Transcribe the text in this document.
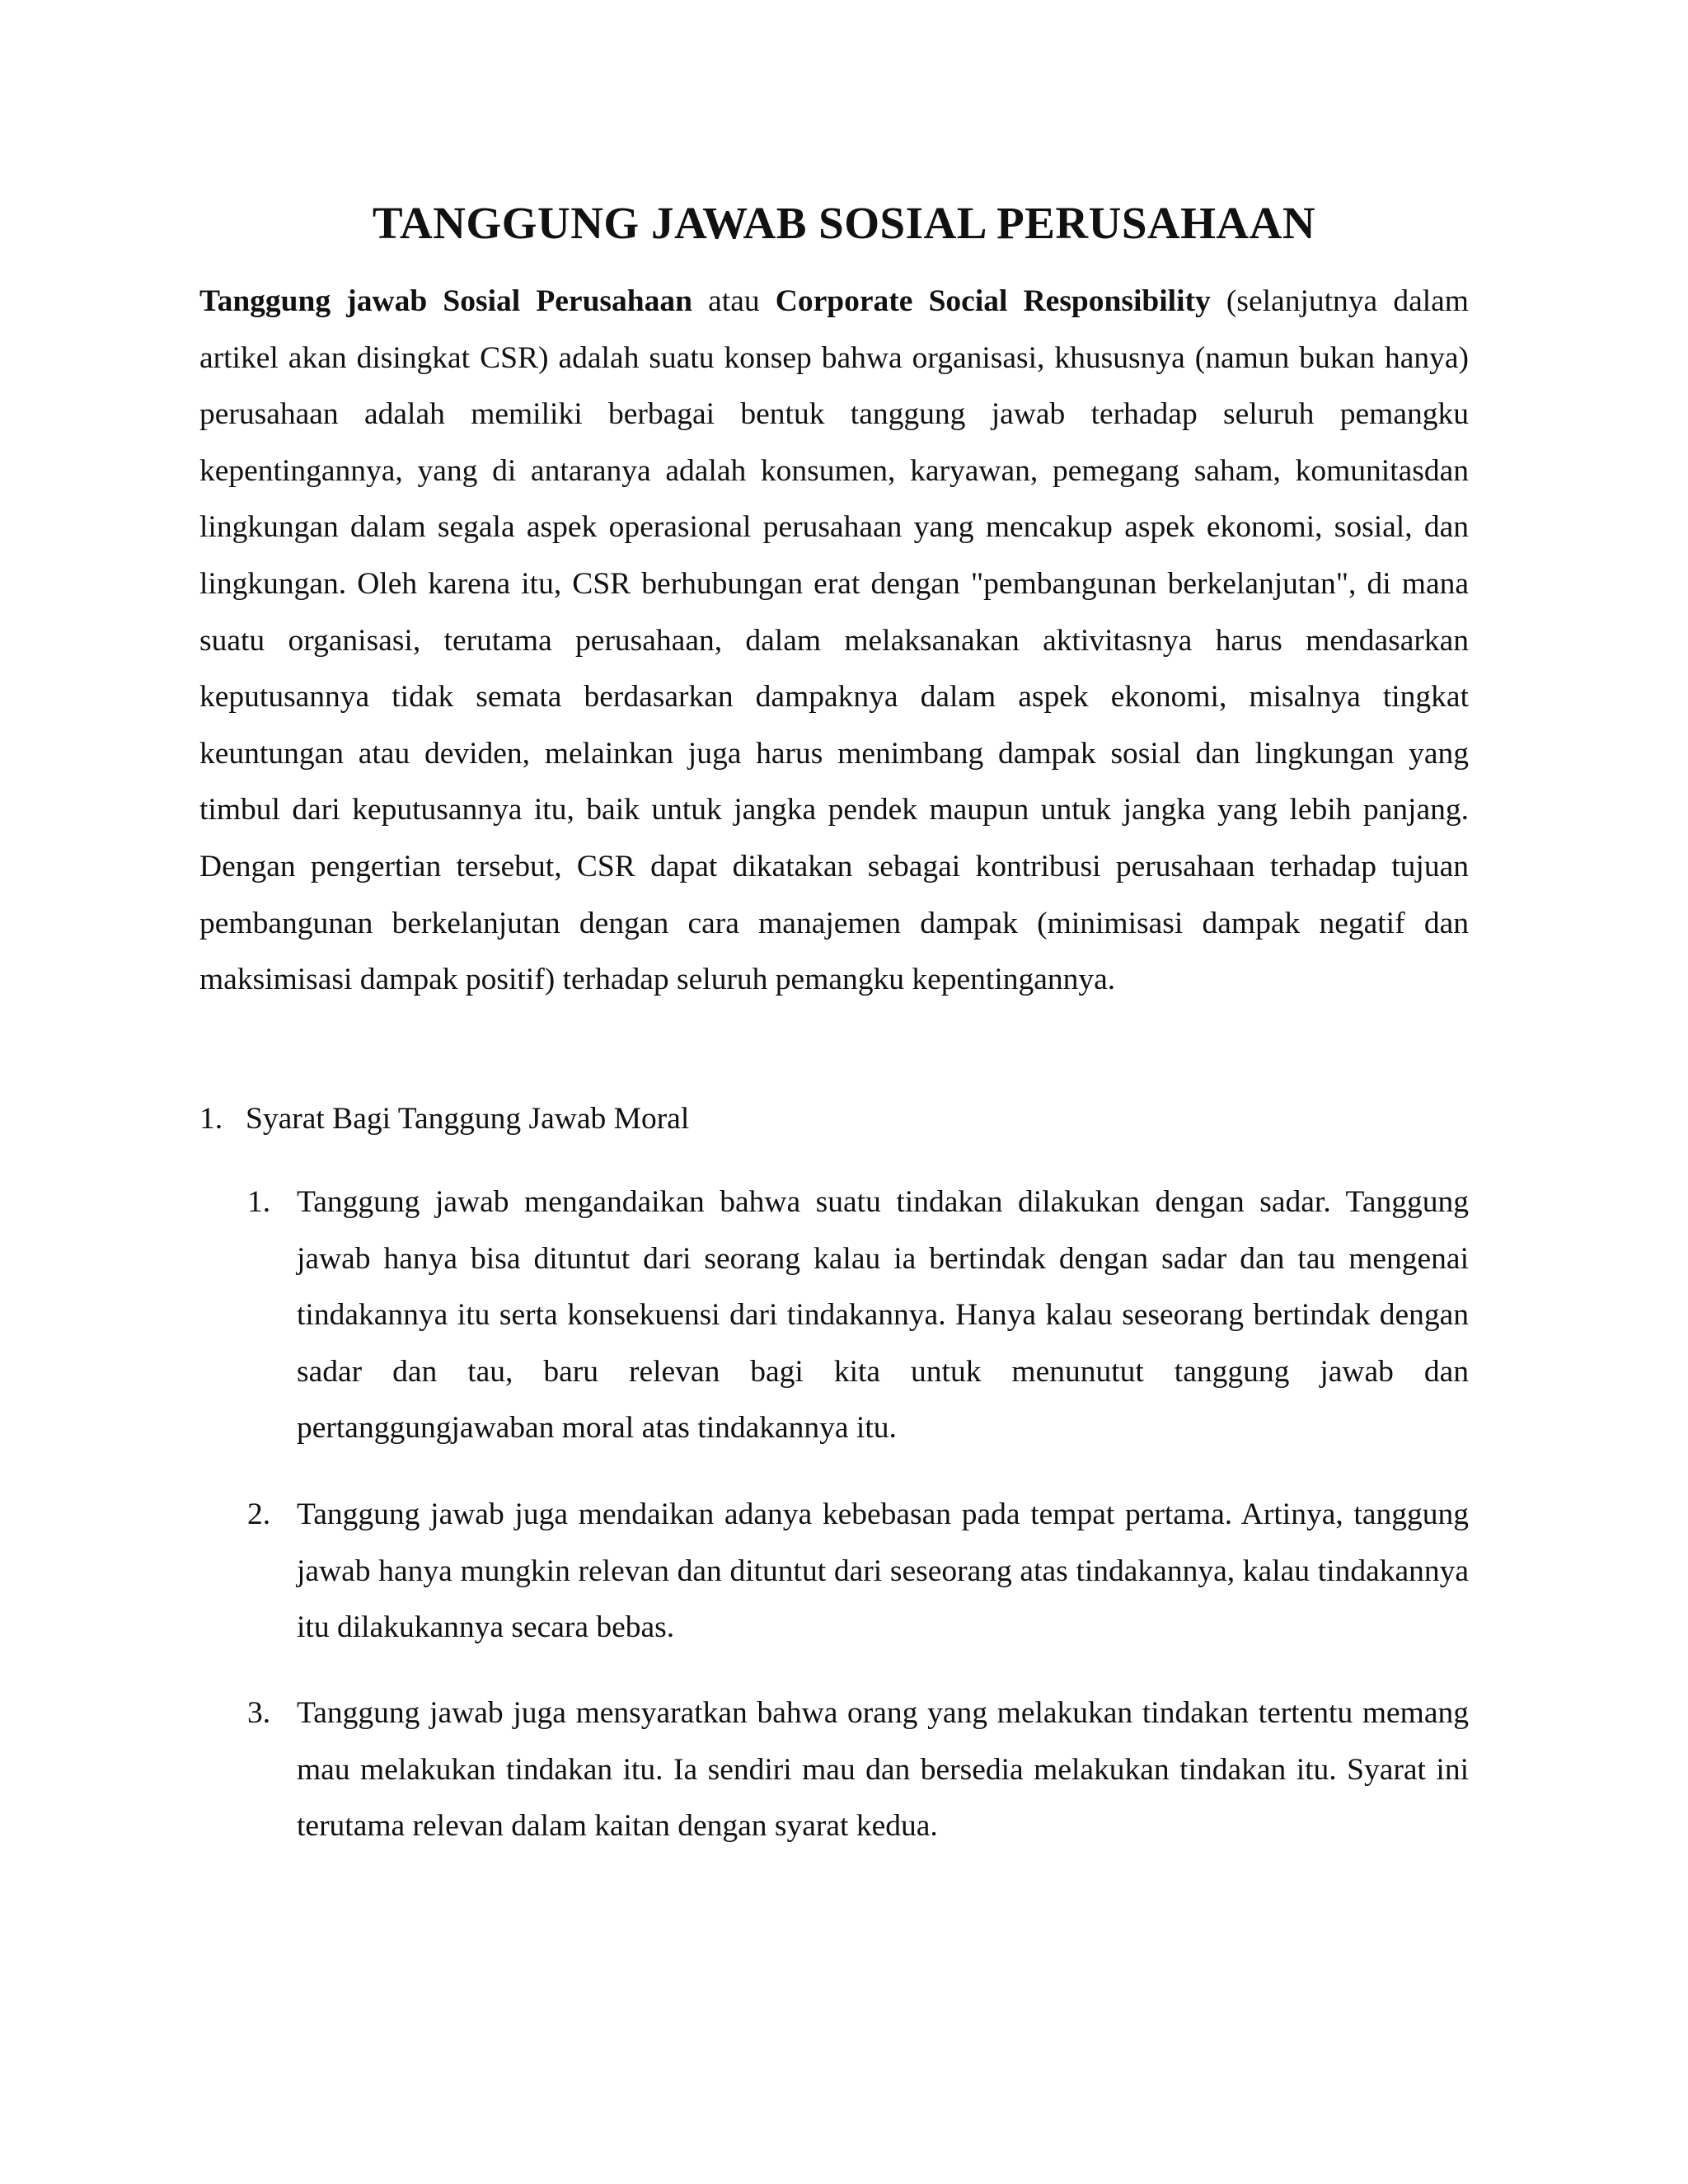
TANGGUNG JAWAB SOSIAL PERUSAHAAN

Tanggung jawab Sosial Perusahaan atau Corporate Social Responsibility (selanjutnya dalam artikel akan disingkat CSR) adalah suatu konsep bahwa organisasi, khususnya (namun bukan hanya) perusahaan adalah memiliki berbagai bentuk tanggung jawab terhadap seluruh pemangku kepentingannya, yang di antaranya adalah konsumen, karyawan, pemegang saham, komunitasdan lingkungan dalam segala aspek operasional perusahaan yang mencakup aspek ekonomi, sosial, dan lingkungan. Oleh karena itu, CSR berhubungan erat dengan "pembangunan berkelanjutan", di mana suatu organisasi, terutama perusahaan, dalam melaksanakan aktivitasnya harus mendasarkan keputusannya tidak semata berdasarkan dampaknya dalam aspek ekonomi, misalnya tingkat keuntungan atau deviden, melainkan juga harus menimbang dampak sosial dan lingkungan yang timbul dari keputusannya itu, baik untuk jangka pendek maupun untuk jangka yang lebih panjang. Dengan pengertian tersebut, CSR dapat dikatakan sebagai kontribusi perusahaan terhadap tujuan pembangunan berkelanjutan dengan cara manajemen dampak (minimisasi dampak negatif dan maksimisasi dampak positif) terhadap seluruh pemangku kepentingannya.

1. Syarat Bagi Tanggung Jawab Moral

1. Tanggung jawab mengandaikan bahwa suatu tindakan dilakukan dengan sadar. Tanggung jawab hanya bisa dituntut dari seorang kalau ia bertindak dengan sadar dan tau mengenai tindakannya itu serta konsekuensi dari tindakannya. Hanya kalau seseorang bertindak dengan sadar dan tau, baru relevan bagi kita untuk menunutut tanggung jawab dan pertanggungjawaban moral atas tindakannya itu.
2. Tanggung jawab juga mendaikan adanya kebebasan pada tempat pertama. Artinya, tanggung jawab hanya mungkin relevan dan dituntut dari seseorang atas tindakannya, kalau tindakannya itu dilakukannya secara bebas.
3. Tanggung jawab juga mensyaratkan bahwa orang yang melakukan tindakan tertentu memang mau melakukan tindakan itu. Ia sendiri mau dan bersedia melakukan tindakan itu. Syarat ini terutama relevan dalam kaitan dengan syarat kedua.
